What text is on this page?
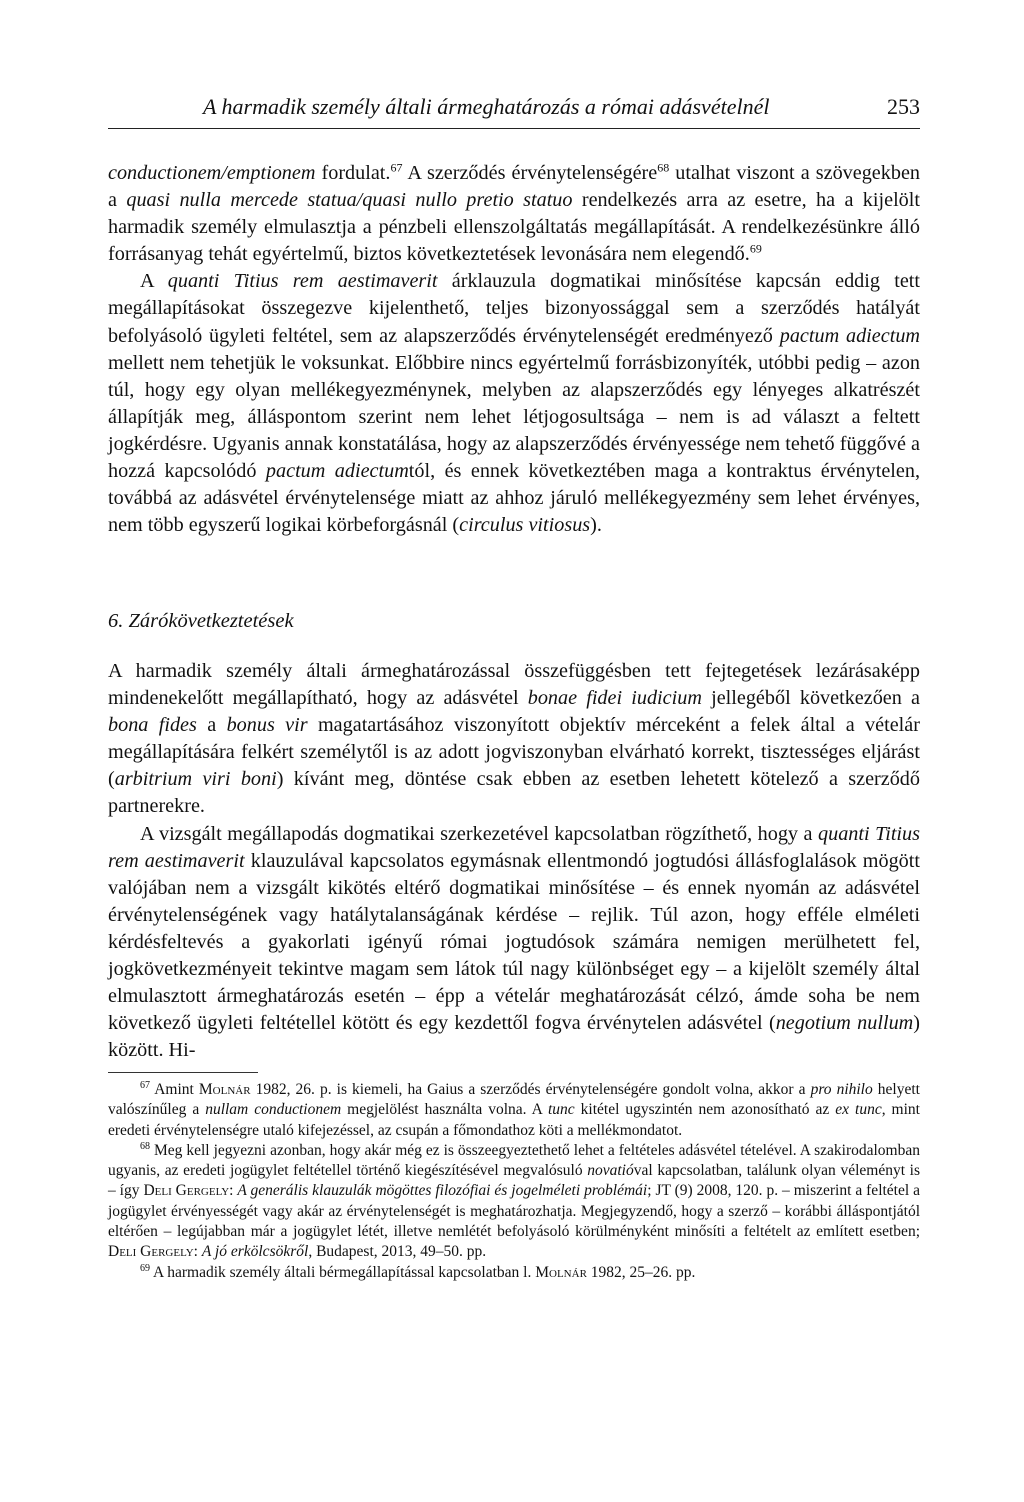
A harmadik személy általi ármeghatározás a római adásvételnél	253

conductionem/emptionem fordulat.$^{67}$ A szerződés érvénytelenségére$^{68}$ utalhat viszont a szövegekben a quasi nulla mercede statua/quasi nullo pretio statuo rendelkezés arra az esetre, ha a kijelölt harmadik személy elmulasztja a pénzbeli ellenszolgáltatás megállapítását. A rendelkezésünkre álló forrásanyag tehát egyértelmű, biztos következtetések levonására nem elegendő.$^{69}$

A quanti Titius rem aestimaverit árklauzula dogmatikai minősítése kapcsán eddig tett megállapításokat összegezve kijelenthető, teljes bizonyossággal sem a szerződés hatályát befolyásoló ügyleti feltétel, sem az alapszerződés érvénytelenségét eredményező pactum adiectum mellett nem tehetjük le voksunkat. Előbbire nincs egyértelmű forrásbizonyíték, utóbbi pedig – azon túl, hogy egy olyan mellékegyezménynek, melyben az alapszerződés egy lényeges alkatrészét állapítják meg, álláspontom szerint nem lehet létjogosultsága – nem is ad választ a feltett jogkérdésre. Ugyanis annak konstatálása, hogy az alapszerződés érvényessége nem tehető függővé a hozzá kapcsolódó pactum adiectumtól, és ennek következtében maga a kontraktus érvénytelen, továbbá az adásvétel érvénytelensége miatt az ahhoz járuló mellékegyezmény sem lehet érvényes, nem több egyszerű logikai körbeforgásnál (circulus vitiosus).

6. Zárókövetkeztetések

A harmadik személy általi ármeghatározással összefüggésben tett fejtegetések lezárásaképp mindenekelőtt megállapítható, hogy az adásvétel bonae fidei iudicium jellegéből következően a bona fides a bonus vir magatartásához viszonyított objektív mérceként a felek által a vételár megállapítására felkért személytől is az adott jogviszonyban elvárható korrekt, tisztességes eljárást (arbitrium viri boni) kívánt meg, döntése csak ebben az esetben lehetett kötelező a szerződő partnerekre.

A vizsgált megállapodás dogmatikai szerkezetével kapcsolatban rögzíthető, hogy a quanti Titius rem aestimaverit klauzulával kapcsolatos egymásnak ellentmondó jogtudósi állásfoglalások mögött valójában nem a vizsgált kikötés eltérő dogmatikai minősítése – és ennek nyomán az adásvétel érvénytelenségének vagy hatálytalanságának kérdése – rejlik. Túl azon, hogy efféle elméleti kérdésfeltevés a gyakorlati igényű római jogtudósok számára nemigen merülhetett fel, jogkövetkezményeit tekintve magam sem látok túl nagy különbséget egy – a kijelölt személy által elmulasztott ármeghatározás esetén – épp a vételár meghatározását célzó, ámde soha be nem következő ügyleti feltétellel kötött és egy kezdettől fogva érvénytelen adásvétel (negotium nullum) között. Hi-

$^{67}$ Amint Molnár 1982, 26. p. is kiemeli, ha Gaius a szerződés érvénytelenségére gondolt volna, akkor a pro nihilo helyett valószínűleg a nullam conductionem megjelölést használta volna. A tunc kitétel ugyszintén nem azonosítható az ex tunc, mint eredeti érvénytelenségre utaló kifejezéssel, az csupán a főmondathoz köti a mellékmondatot.

$^{68}$ Meg kell jegyezni azonban, hogy akár még ez is összeegyeztethető lehet a feltételes adásvétel tételével. A szakirodalomban ugyanis, az eredeti jogügylet feltétellel történő kiegészítésével megvalósuló novatióval kapcsolatban, találunk olyan véleményt is – így Deli Gergely: A generális klauzulák mögöttes filozófiai és jogelméleti problémái; JT (9) 2008, 120. p. – miszerint a feltétel a jogügylet érvényességét vagy akár az érvénytelenségét is meghatározhatja. Megjegyzendő, hogy a szerző – korábbi álláspontjától eltérően – legújabban már a jogügylet létét, illetve nemlétét befolyásoló körülményként minősíti a feltételt az említett esetben; Deli Gergely: A jó erkölcsökről, Budapest, 2013, 49–50. pp.

$^{69}$ A harmadik személy általi bérmegállapítással kapcsolatban l. Molnár 1982, 25–26. pp.
